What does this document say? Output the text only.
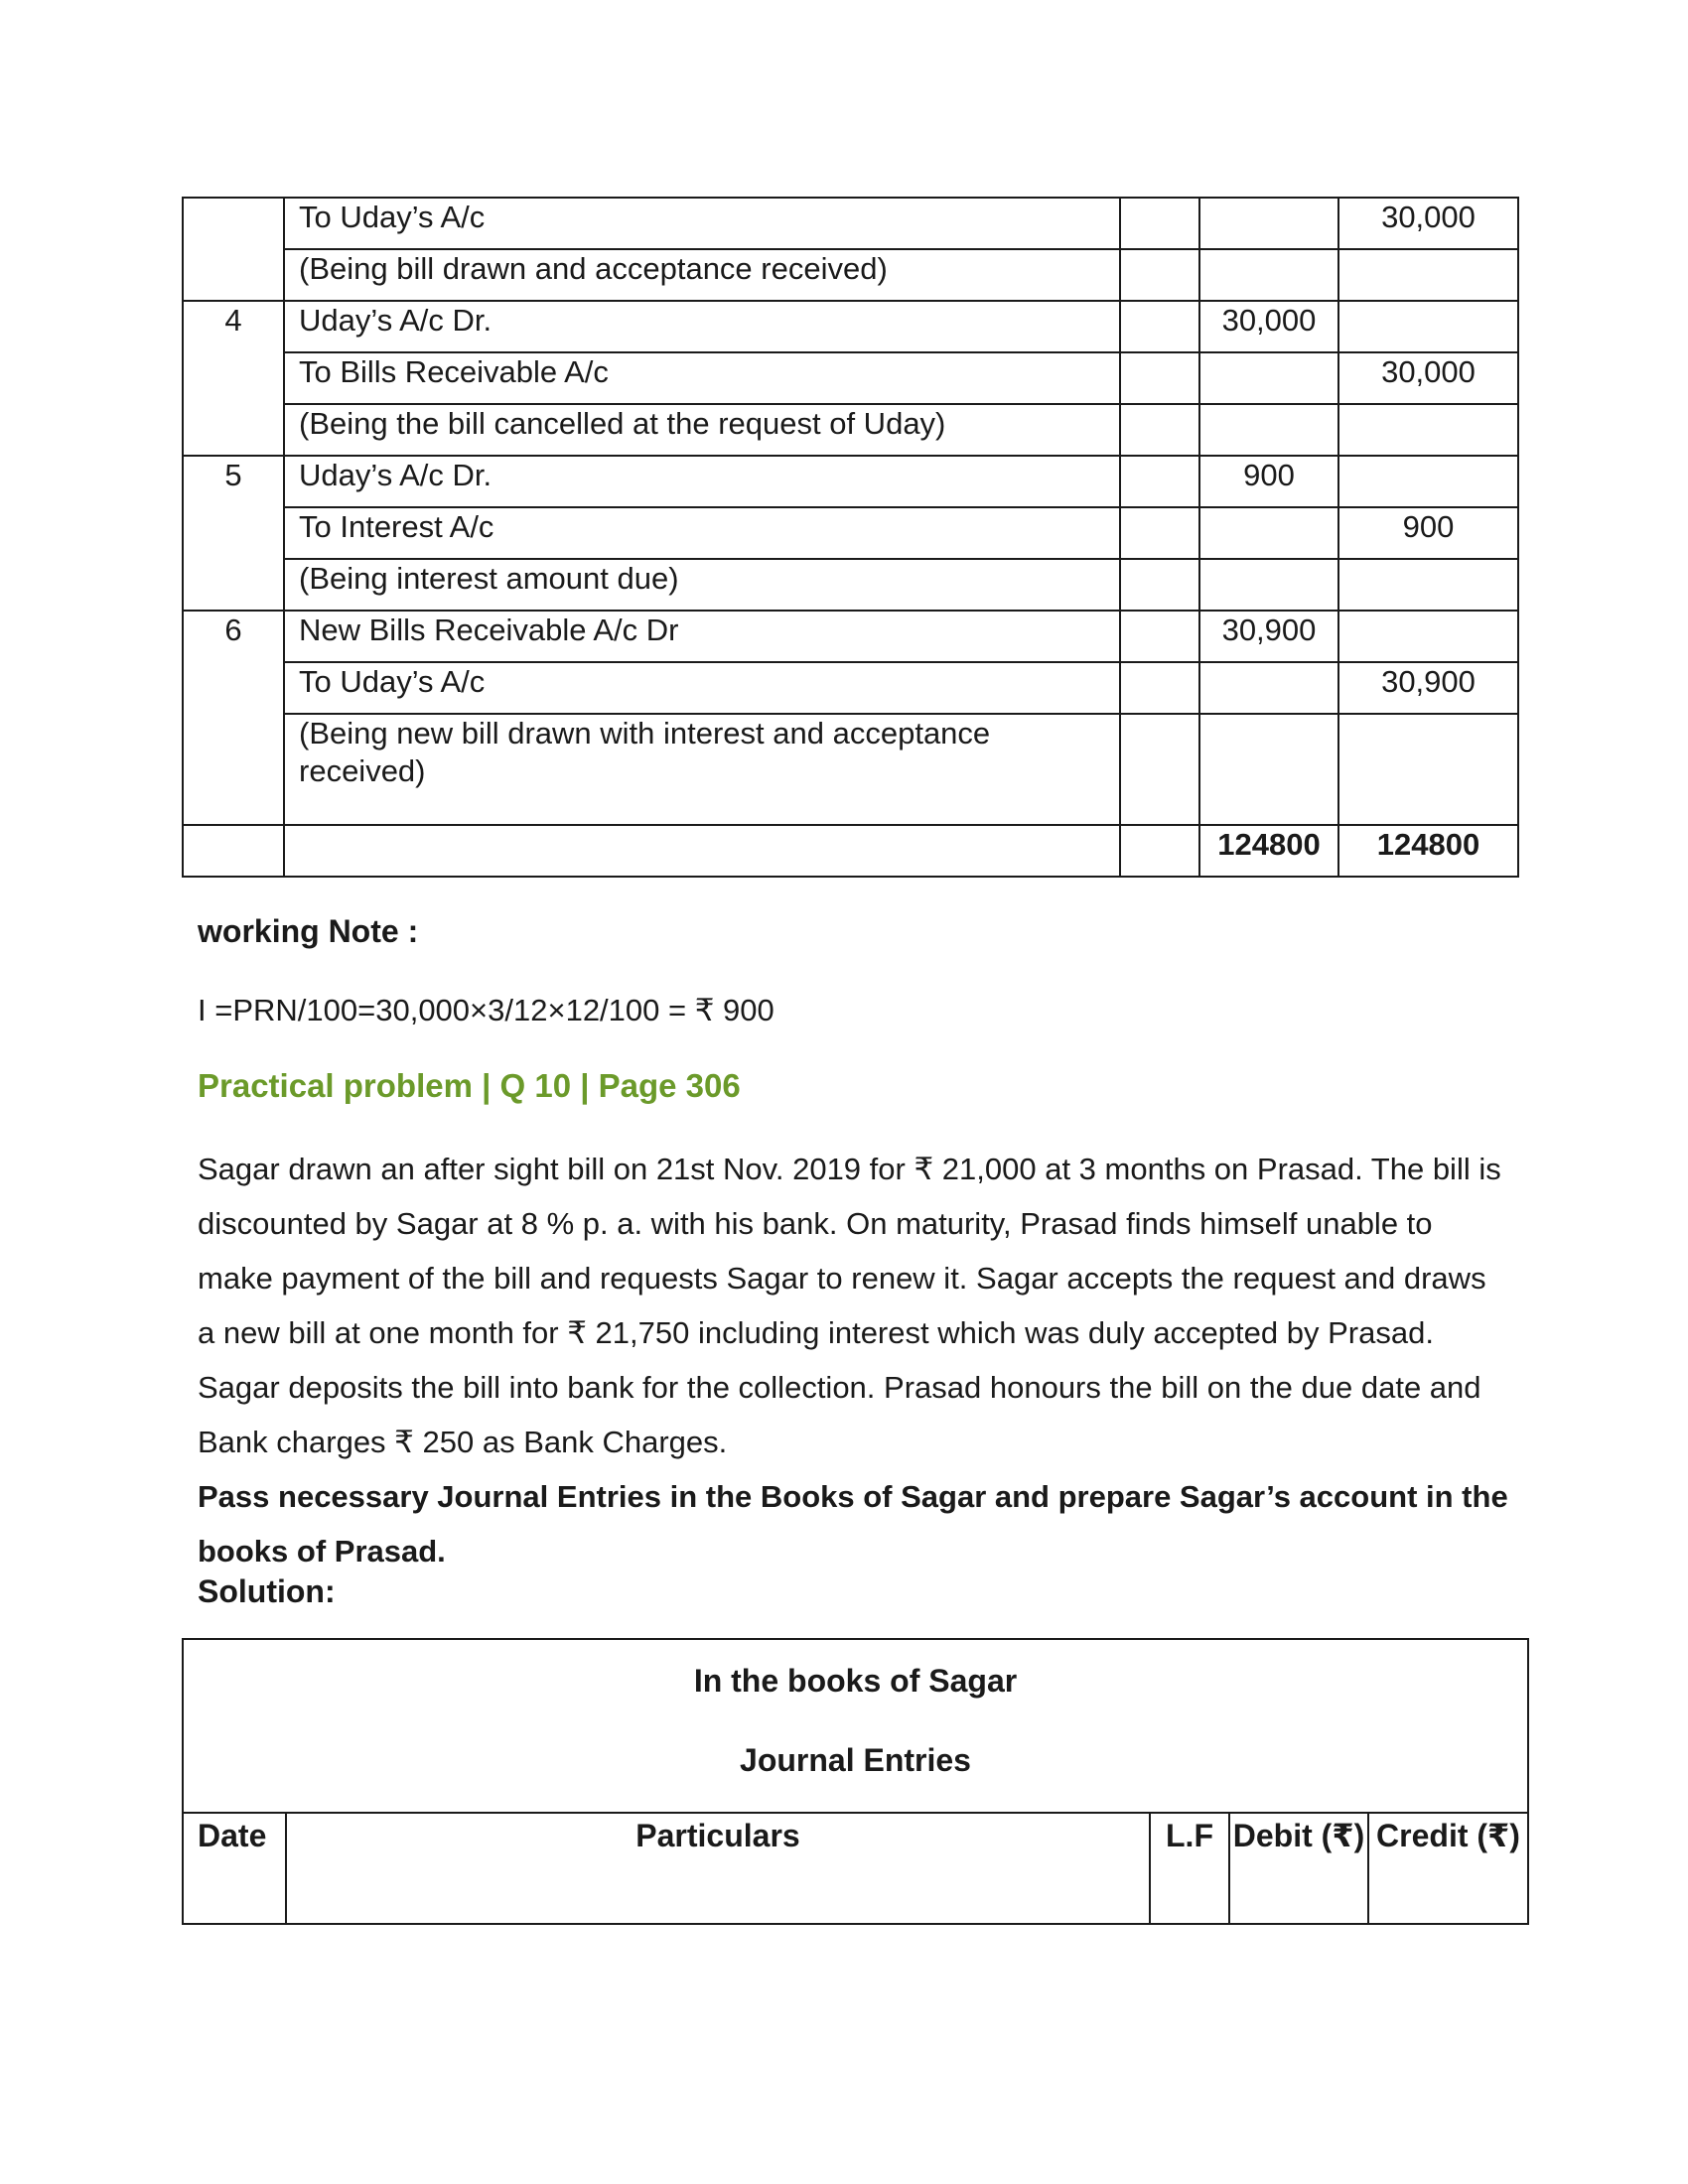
	To Uday’s A/c			30,000
	(Being bill drawn and acceptance received)			
4	Uday’s A/c Dr.		30,000	
	To Bills Receivable A/c			30,000
	(Being the bill cancelled at the request of Uday)			
5	Uday’s A/c Dr.		900	
	To Interest A/c			900
	(Being interest amount due)			
6	New Bills Receivable A/c Dr		30,900	
	To Uday’s A/c			30,900
	(Being new bill drawn with interest and acceptance received)			
			124800	124800
working Note :
I =PRN/100=30,000×3/12×12/100 = ₹ 900
Practical problem | Q 10 | Page 306

Sagar drawn an after sight bill on 21st Nov. 2019 for ₹ 21,000 at 3 months on Prasad. The bill is discounted by Sagar at 8 % p. a. with his bank. On maturity, Prasad finds himself unable to make payment of the bill and requests Sagar to renew it. Sagar accepts the request and draws a new bill at one month for ₹ 21,750 including interest which was duly accepted by Prasad. Sagar deposits the bill into bank for the collection. Prasad honours the bill on the due date and Bank charges ₹ 250 as Bank Charges.

Pass necessary Journal Entries in the Books of Sagar and prepare Sagar’s account in the books of Prasad.

Solution:
In the books of Sagar
Journal Entries

Date	Particulars	L.F	Debit (₹)	Credit (₹)
